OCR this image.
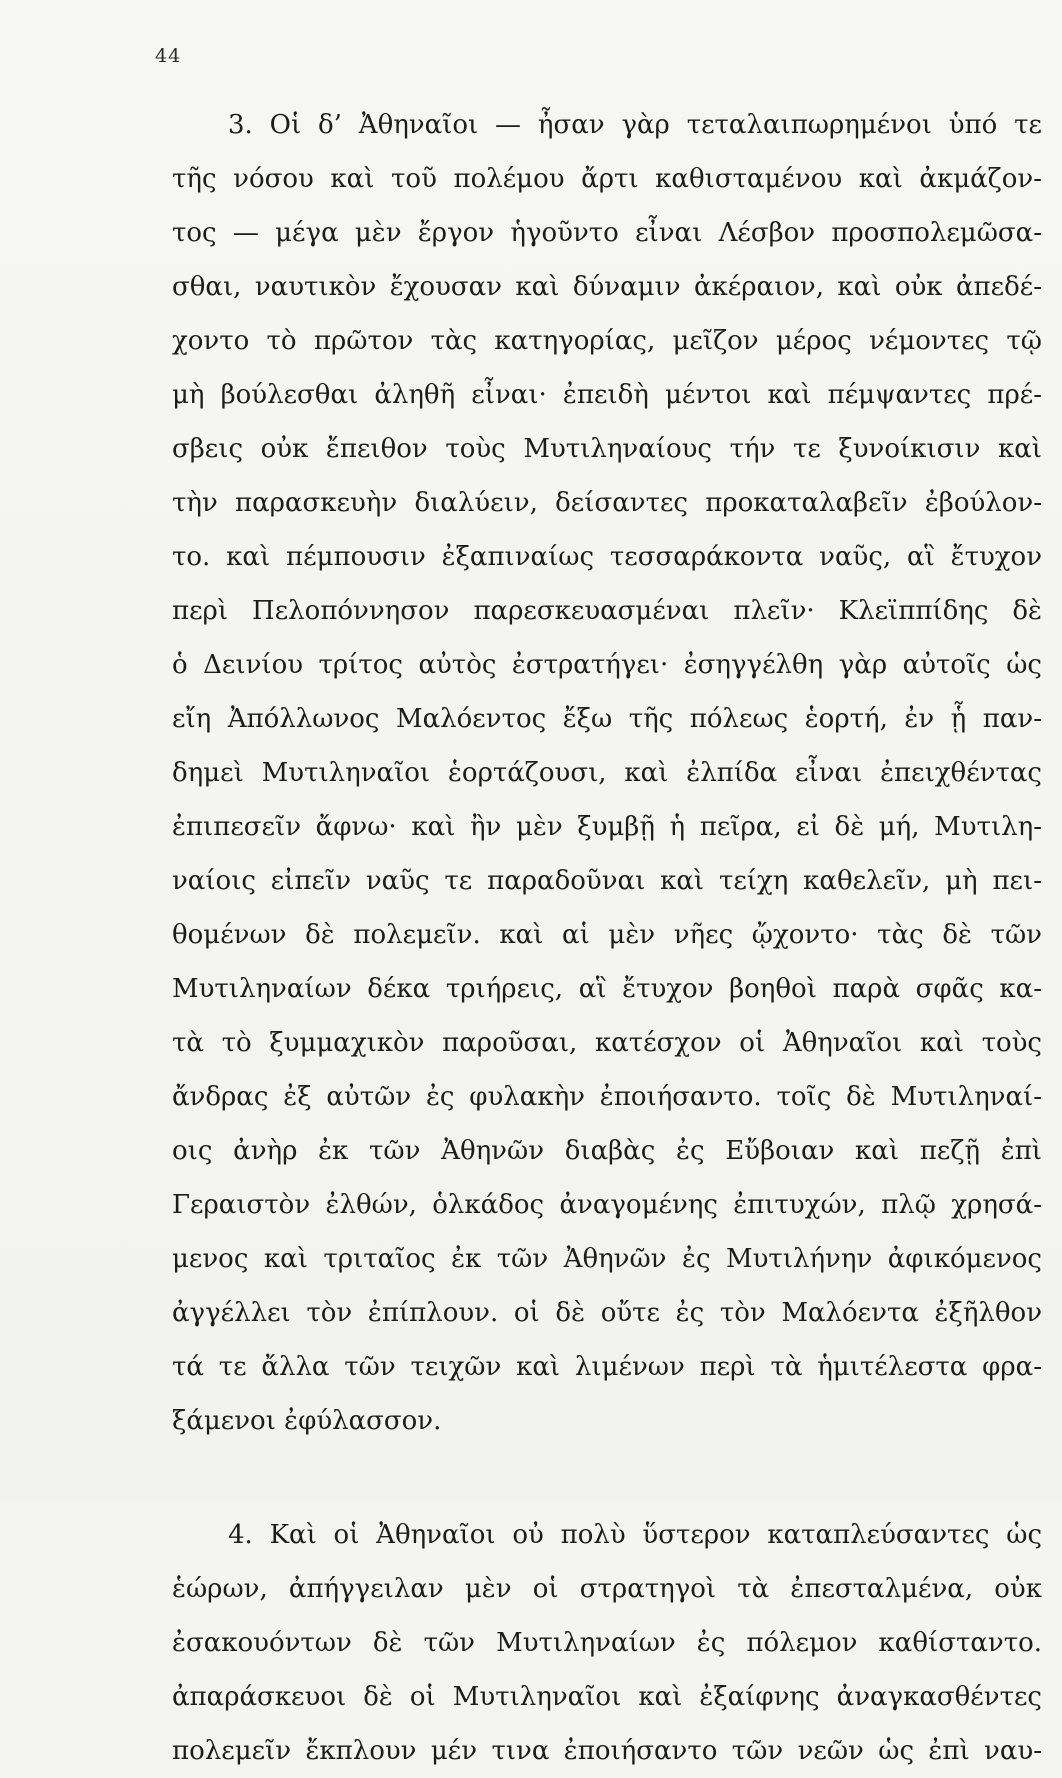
44
3. Οἱ δ’ Ἀθηναῖοι — ἦσαν γὰρ τεταλαιπωρημένοι ὑπό τε
τῆς νόσου καὶ τοῦ πολέμου ἄρτι καθισταμένου καὶ ἀκμάζον-
τος — μέγα μὲν ἔργον ἡγοῦντο εἶναι Λέσβον προσπολεμῶσα-
σθαι, ναυτικὸν ἔχουσαν καὶ δύναμιν ἀκέραιον, καὶ οὐκ ἀπεδέ-
χοντο τὸ πρῶτον τὰς κατηγορίας, μεῖζον μέρος νέμοντες τῷ
μὴ βούλεσθαι ἀληθῆ εἶναι· ἐπειδὴ μέντοι καὶ πέμψαντες πρέ-
σβεις οὐκ ἔπειθον τοὺς Μυτιληναίους τήν τε ξυνοίκισιν καὶ
τὴν παρασκευὴν διαλύειν, δείσαντες προκαταλαβεῖν ἐβούλον-
το. καὶ πέμπουσιν ἐξαπιναίως τεσσαράκοντα ναῦς, αἳ ἔτυχον
περὶ Πελοπόννησον παρεσκευασμέναι πλεῖν· Κλεϊππίδης δὲ
ὁ Δεινίου τρίτος αὐτὸς ἐστρατήγει· ἐσηγγέλθη γὰρ αὐτοῖς ὡς
εἴη Ἀπόλλωνος Μαλόεντος ἔξω τῆς πόλεως ἑορτή, ἐν ᾗ παν-
δημεὶ Μυτιληναῖοι ἑορτάζουσι, καὶ ἐλπίδα εἶναι ἐπειχθέντας
ἐπιπεσεῖν ἄφνω· καὶ ἢν μὲν ξυμβῇ ἡ πεῖρα, εἰ δὲ μή, Μυτιλη-
ναίοις εἰπεῖν ναῦς τε παραδοῦναι καὶ τείχη καθελεῖν, μὴ πει-
θομένων δὲ πολεμεῖν. καὶ αἱ μὲν νῆες ᾤχοντο· τὰς δὲ τῶν
Μυτιληναίων δέκα τριήρεις, αἳ ἔτυχον βοηθοὶ παρὰ σφᾶς κα-
τὰ τὸ ξυμμαχικὸν παροῦσαι, κατέσχον οἱ Ἀθηναῖοι καὶ τοὺς
ἄνδρας ἐξ αὐτῶν ἐς φυλακὴν ἐποιήσαντο. τοῖς δὲ Μυτιληναί-
οις ἀνὴρ ἐκ τῶν Ἀθηνῶν διαβὰς ἐς Εὔβοιαν καὶ πεζῇ ἐπὶ
Γεραιστὸν ἐλθών, ὁλκάδος ἀναγομένης ἐπιτυχών, πλῷ χρησά-
μενος καὶ τριταῖος ἐκ τῶν Ἀθηνῶν ἐς Μυτιλήνην ἀφικόμενος
ἀγγέλλει τὸν ἐπίπλουν. οἱ δὲ οὔτε ἐς τὸν Μαλόεντα ἐξῆλθον
τά τε ἄλλα τῶν τειχῶν καὶ λιμένων περὶ τὰ ἡμιτέλεστα φρα-
ξάμενοι ἐφύλασσον.
4. Καὶ οἱ Ἀθηναῖοι οὐ πολὺ ὕστερον καταπλεύσαντες ὡς
ἑώρων, ἀπήγγειλαν μὲν οἱ στρατηγοὶ τὰ ἐπεσταλμένα, οὐκ
ἐσακουόντων δὲ τῶν Μυτιληναίων ἐς πόλεμον καθίσταντο.
ἀπαράσκευοι δὲ οἱ Μυτιληναῖοι καὶ ἐξαίφνης ἀναγκασθέντες
πολεμεῖν ἔκπλουν μέν τινα ἐποιήσαντο τῶν νεῶν ὡς ἐπὶ ναυ-
